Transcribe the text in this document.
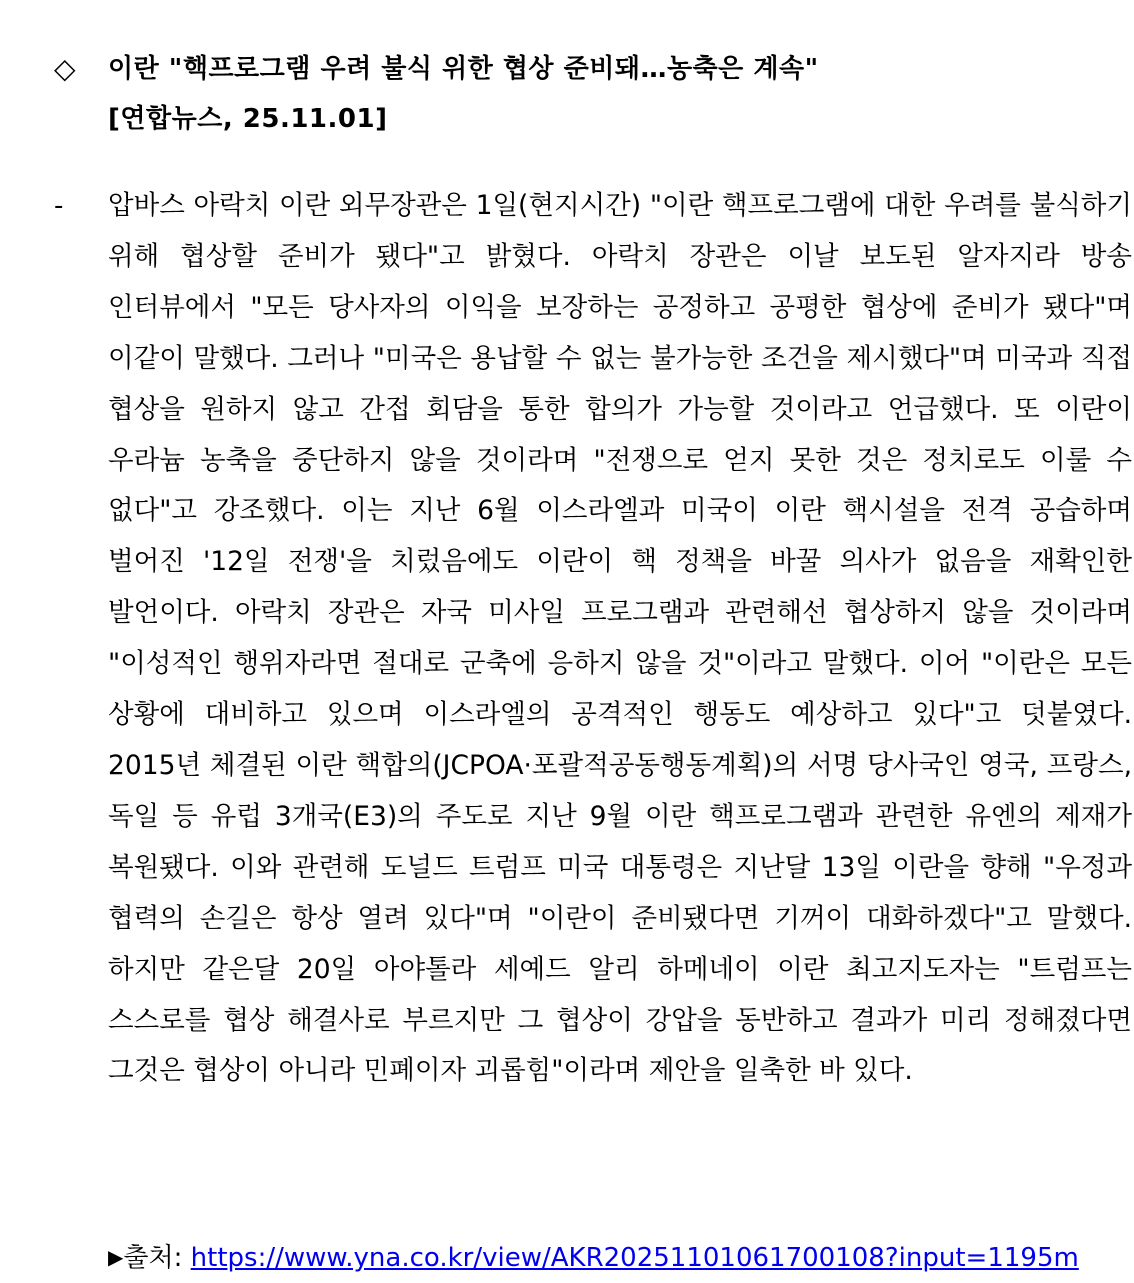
◇ 이란 "핵프로그램 우려 불식 위한 협상 준비돼…농축은 계속"
[연합뉴스, 25.11.01]
- 압바스 아락치 이란 외무장관은 1일(현지시간) "이란 핵프로그램에 대한 우려를 불식하기 위해 협상할 준비가 됐다"고 밝혔다. 아락치 장관은 이날 보도된 알자지라 방송 인터뷰에서 "모든 당사자의 이익을 보장하는 공정하고 공평한 협상에 준비가 됐다"며 이같이 말했다. 그러나 "미국은 용납할 수 없는 불가능한 조건을 제시했다"며 미국과 직접 협상을 원하지 않고 간접 회담을 통한 합의가 가능할 것이라고 언급했다. 또 이란이 우라늄 농축을 중단하지 않을 것이라며 "전쟁으로 얻지 못한 것은 정치로도 이룰 수 없다"고 강조했다. 이는 지난 6월 이스라엘과 미국이 이란 핵시설을 전격 공습하며 벌어진 '12일 전쟁'을 치렀음에도 이란이 핵 정책을 바꿀 의사가 없음을 재확인한 발언이다. 아락치 장관은 자국 미사일 프로그램과 관련해선 협상하지 않을 것이라며 "이성적인 행위자라면 절대로 군축에 응하지 않을 것"이라고 말했다. 이어 "이란은 모든 상황에 대비하고 있으며 이스라엘의 공격적인 행동도 예상하고 있다"고 덧붙였다. 2015년 체결된 이란 핵합의(JCPOA·포괄적공동행동계획)의 서명 당사국인 영국, 프랑스, 독일 등 유럽 3개국(E3)의 주도로 지난 9월 이란 핵프로그램과 관련한 유엔의 제재가 복원됐다. 이와 관련해 도널드 트럼프 미국 대통령은 지난달 13일 이란을 향해 "우정과 협력의 손길은 항상 열려 있다"며 "이란이 준비됐다면 기꺼이 대화하겠다"고 말했다. 하지만 같은달 20일 아야톨라 세예드 알리 하메네이 이란 최고지도자는 "트럼프는 스스로를 협상 해결사로 부르지만 그 협상이 강압을 동반하고 결과가 미리 정해졌다면 그것은 협상이 아니라 민폐이자 괴롭힘"이라며 제안을 일축한 바 있다.
▶출처: https://www.yna.co.kr/view/AKR20251101061700108?input=1195m
